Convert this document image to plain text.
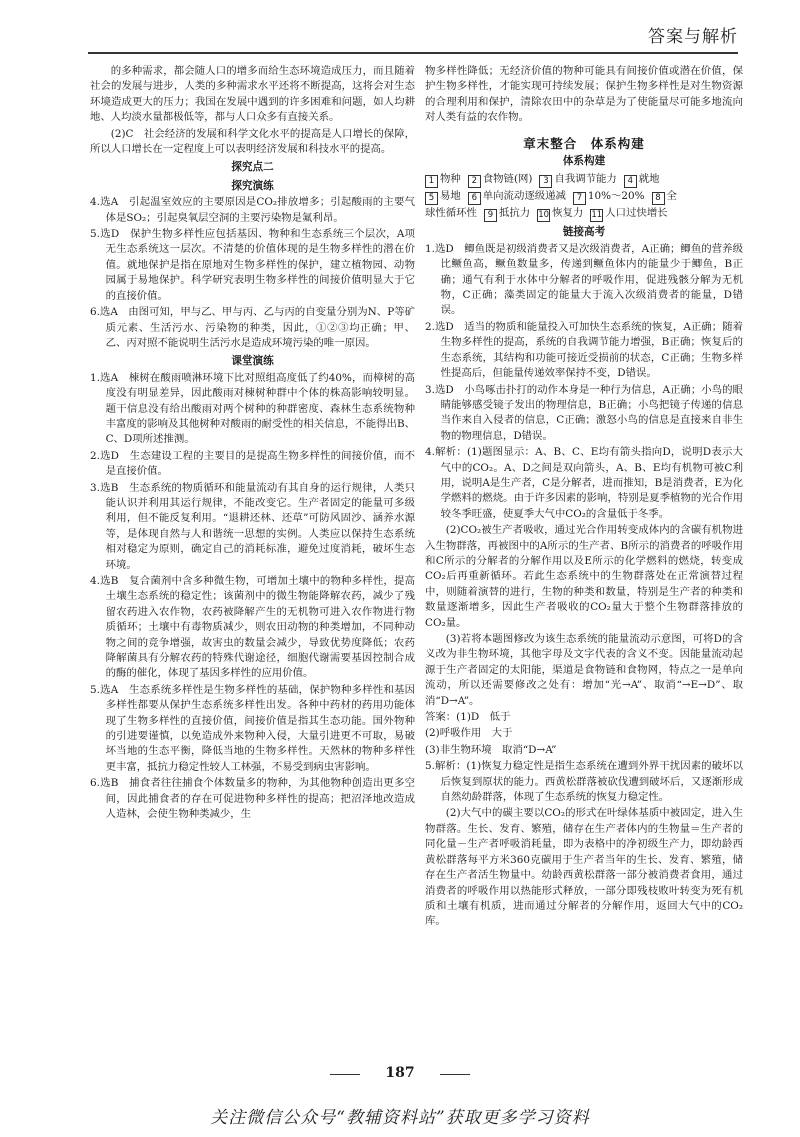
答案与解析

的多种需求，都会随人口的增多而给生态环境造成压力，而且随着社会的发展与进步，人类的多种需求水平还将不断提高，这将会对生态环境造成更大的压力；我国在发展中遇到的许多困难和问题，如人均耕地、人均淡水量都极低等，都与人口众多有直接关系。

(2)C　社会经济的发展和科学文化水平的提高是人口增长的保障，所以人口增长在一定程度上可以表明经济发展和科技水平的提高。

探究点二
探究演练

4.选A　引起温室效应的主要原因是CO₂排放增多；引起酸雨的主要气体是SO₂；引起臭氧层空洞的主要污染物是氟利昂。

5.选D　保护生物多样性应包括基因、物种和生态系统三个层次，A项无生态系统这一层次。不清楚的价值体现的是生物多样性的潜在价值。就地保护是指在原地对生物多样性的保护，建立植物园、动物园属于易地保护。科学研究表明生物多样性的间接价值明显大于它的直接价值。

6.选A　由图可知，甲与乙、甲与丙、乙与丙的自变量分别为N、P等矿质元素、生活污水、污染物的种类，因此，①②③均正确；甲、乙、丙对照不能说明生活污水是造成环境污染的唯一原因。

课堂演练

1.选A　棟树在酸雨喷淋环境下比对照组高度低了约40%，而樟树的高度没有明显差异，因此酸雨对棟树种群中个体的株高影响较明显。题干信息没有给出酸雨对两个树种的种群密度、森林生态系统物种丰富度的影响及其他树种对酸雨的耐受性的相关信息，不能得出B、C、D项所述推测。

2.选D　生态建设工程的主要目的是提高生物多样性的间接价值，而不是直接价值。

3.选B　生态系统的物质循环和能量流动有其自身的运行规律，人类只能认识并利用其运行规律，不能改变它。生产者固定的能量可多级利用，但不能反复利用。“退耕还林、还草”可防风固沙、涵养水源等，是体现自然与人和谐统一思想的实例。人类应以保持生态系统相对稳定为原则，确定自己的消耗标准，避免过度消耗，破坏生态环境。

4.选B　复合菌剂中含多种微生物，可增加土壤中的物种多样性，提高土壤生态系统的稳定性；该菌剂中的微生物能降解农药，减少了残留农药进入农作物，农药被降解产生的无机物可进入农作物进行物质循环；土壤中有毒物质减少，则农田动物的种类增加，不同种动物之间的竞争增强，故害虫的数量会减少，导致优势度降低；农药降解菌具有分解农药的特殊代谢途径，细胞代谢需要基因控制合成的酶的催化，体现了基因多样性的应用价值。

5.选A　生态系统多样性是生物多样性的基础，保护物种多样性和基因多样性都要从保护生态系统多样性出发。各种中药材的药用功能体现了生物多样性的直接价值，间接价值是指其生态功能。国外物种的引进要谨慎，以免造成外来物种入侵，大量引进更不可取，易破坏当地的生态平衡，降低当地的生物多样性。天然林的物种多样性更丰富，抵抗力稳定性较人工林强，不易受到病虫害影响。

6.选B　捕食者往往捕食个体数量多的物种，为其他物种创造出更多空间，因此捕食者的存在可促进物种多样性的提高；把沼泽地改造成人造林，会使生物种类减少，生

物多样性降低；无经济价值的物种可能具有间接价值或潜在价值，保护生物多样性，才能实现可持续发展；保护生物多样性是对生物资源的合理利用和保护，清除农田中的杂草是为了使能量尽可能多地流向对人类有益的农作物。

章末整合　体系构建
体系构建
1 物种 2 食物链(网) 3 自我调节能力 4 就地
5 易地 6 单向流动逐级递减 7 10%～20% 8 全
球性循环性 9 抵抗力 10 恢复力 11 人口过快增长
链接高考

1.选D　鲫鱼既是初级消费者又是次级消费者，A正确；鲫鱼的营养级比鳜鱼高，鳜鱼数量多，传递到鳜鱼体内的能量少于鲫鱼，B正确；通气有利于水体中分解者的呼吸作用，促进残骸分解为无机物，C正确；藻类固定的能量大于流入次级消费者的能量，D错误。

2.选D　适当的物质和能量投入可加快生态系统的恢复，A正确；随着生物多样性的提高，系统的自我调节能力增强，B正确；恢复后的生态系统，其结构和功能可接近受损前的状态，C正确；生物多样性提高后，但能量传递效率保持不变，D错误。

3.选D　小鸟啄击扑打的动作本身是一种行为信息，A正确；小鸟的眼睛能够感受镜子发出的物理信息，B正确；小鸟把镜子传递的信息当作来自入侵者的信息，C正确；激怒小鸟的信息是直接来自非生物的物理信息，D错误。

4.解析：(1)题图显示：A、B、C、E均有箭头指向D，说明D表示大气中的CO₂。A、D之间是双向箭头，A、B、E均有机物可被C利用，说明A是生产者，C是分解者，进而推知，B是消费者，E为化学燃料的燃烧。由于许多因素的影响，特别是夏季植物的光合作用较冬季旺盛，使夏季大气中CO₂的含量低于冬季。

(2)CO₂被生产者吸收，通过光合作用转变成体内的含碳有机物进入生物群落，再被图中的A所示的生产者、B所示的消费者的呼吸作用和C所示的分解者的分解作用以及E所示的化学燃料的燃烧，转变成CO₂后再重新循环。若此生态系统中的生物群落处在正常演替过程中，则随着演替的进行，生物的种类和数量，特别是生产者的种类和数量逐渐增多，因此生产者吸收的CO₂量大于整个生物群落排放的CO₂量。

(3)若将本题图修改为该生态系统的能量流动示意图，可将D的含义改为非生物环境，其他字母及文字代表的含义不变。因能量流动起源于生产者固定的太阳能，渠道是食物链和食物网，特点之一是单向流动，所以还需要修改之处有：增加“光→A”、取消“→E→D”、取消“D→A”。

答案：(1)D　低于

(2)呼吸作用　大于

(3)非生物环境　取消“D→A”

5.解析：(1)恢复力稳定性是指生态系统在遭到外界干扰因素的破坏以后恢复到原状的能力。西黄松群落被砍伐遭到破坏后，又逐渐形成自然幼龄群落，体现了生态系统的恢复力稳定性。

(2)大气中的碳主要以CO₂的形式在叶绿体基质中被固定，进入生物群落。生长、发育、繁殖，储存在生产者体内的生物量＝生产者的同化量－生产者呼吸消耗量，即为表格中的净初级生产力，即幼龄西黄松群落每平方米360克碳用于生产者当年的生长、发育、繁殖，储存在生产者活生物量中。幼龄西黄松群落一部分被消费者食用，通过消费者的呼吸作用以热能形式释放，一部分即残枝败叶转变为死有机质和土壤有机质，进而通过分解者的分解作用，返回大气中的CO₂库。

187
关注微信公众号“教辅资料站”获取更多学习资料
